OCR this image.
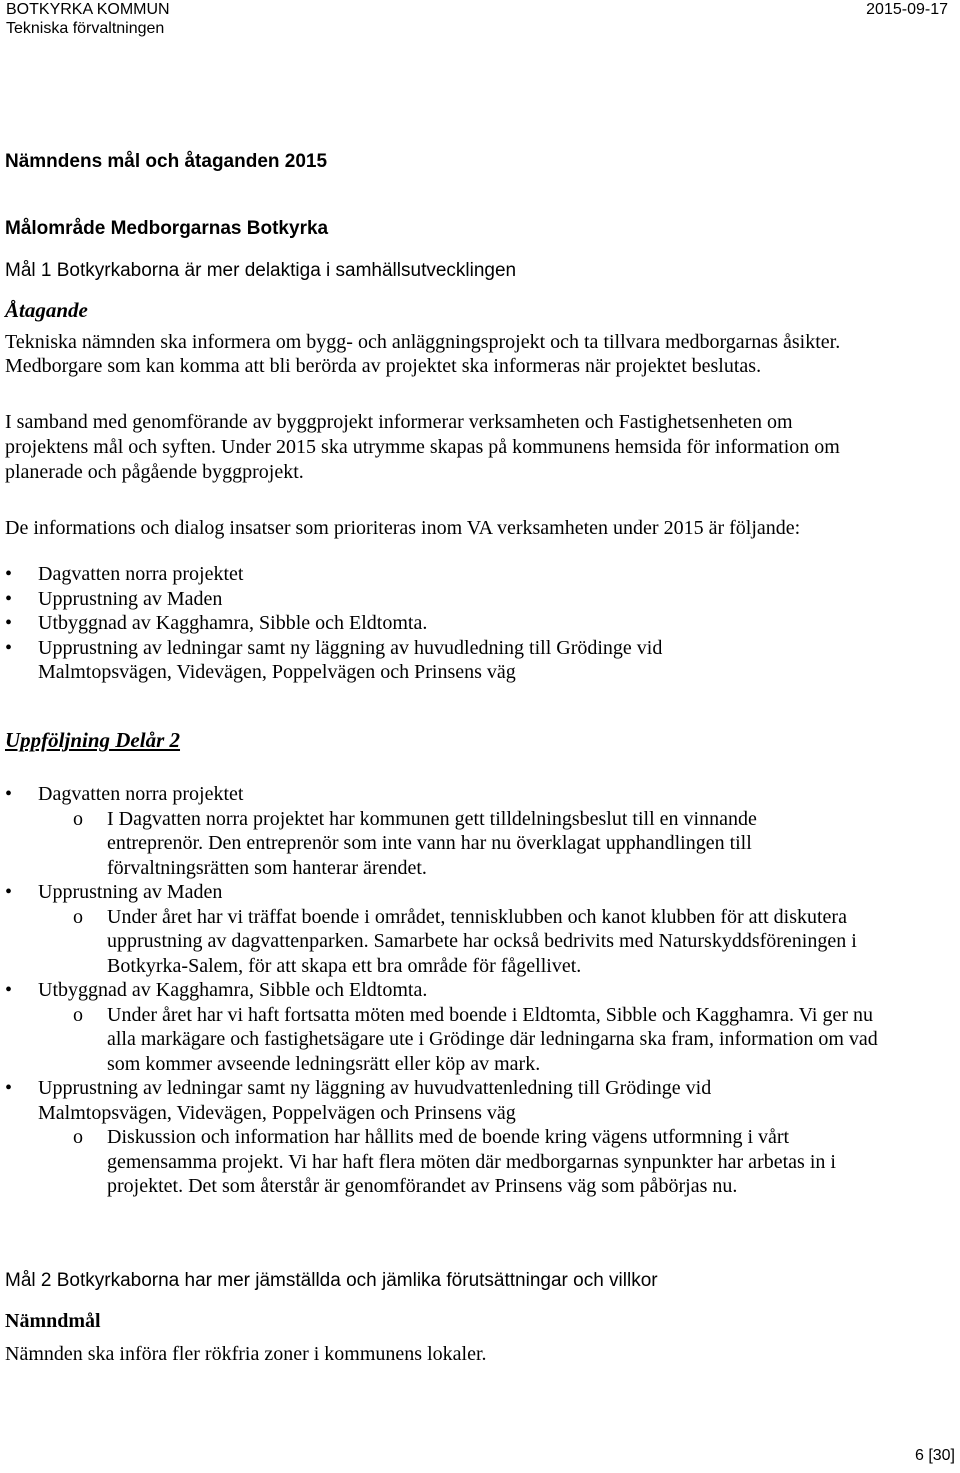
BOTKYRKA KOMMUN
Tekniska förvaltningen
2015-09-17
Nämndens mål och åtaganden 2015
Målområde Medborgarnas Botkyrka
Mål 1 Botkyrkaborna är mer delaktiga i samhällsutvecklingen
Åtagande
Tekniska nämnden ska informera om bygg- och anläggningsprojekt och ta tillvara medborgarnas åsikter.
Medborgare som kan komma att bli berörda av projektet ska informeras när projektet beslutas.
I samband med genomförande av byggprojekt informerar verksamheten och Fastighetsenheten om
projektens mål och syften. Under 2015 ska utrymme skapas på kommunens hemsida för information om
planerade och pågående byggprojekt.
De informations och dialog insatser som prioriteras inom VA verksamheten under 2015 är följande:
• Dagvatten norra projektet
• Upprustning av Maden
• Utbyggnad av Kagghamra, Sibble och Eldtomta.
• Upprustning av ledningar samt ny läggning av huvudledning till Grödinge vid Malmtopsvägen, Videvägen, Poppelvägen och Prinsens väg
Uppföljning Delår 2
• Dagvatten norra projektet
o I Dagvatten norra projektet har kommunen gett tilldelningsbeslut till en vinnande entreprenör. Den entreprenör som inte vann har nu överklagat upphandlingen till förvaltningsrätten som hanterar ärendet.
• Upprustning av Maden
o Under året har vi träffat boende i området, tennisklubben och kanot klubben för att diskutera upprustning av dagvattenparken. Samarbete har också bedrivits med Naturskyddsföreningen i Botkyrka-Salem, för att skapa ett bra område för fågellivet.
• Utbyggnad av Kagghamra, Sibble och Eldtomta.
o Under året har vi haft fortsatta möten med boende i Eldtomta, Sibble och Kagghamra. Vi ger nu alla markägare och fastighetsägare ute i Grödinge där ledningarna ska fram, information om vad som kommer avseende ledningsrätt eller köp av mark.
• Upprustning av ledningar samt ny läggning av huvudvattenledning till Grödinge vid Malmtopsvägen, Videvägen, Poppelvägen och Prinsens väg
o Diskussion och information har hållits med de boende kring vägens utformning i vårt gemensamma projekt. Vi har haft flera möten där medborgarnas synpunkter har arbetas in i projektet. Det som återstår är genomförandet av Prinsens väg som påbörjas nu.
Mål 2 Botkyrkaborna har mer jämställda och jämlika förutsättningar och villkor
Nämndmål
Nämnden ska införa fler rökfria zoner i kommunens lokaler.
6 [30]
